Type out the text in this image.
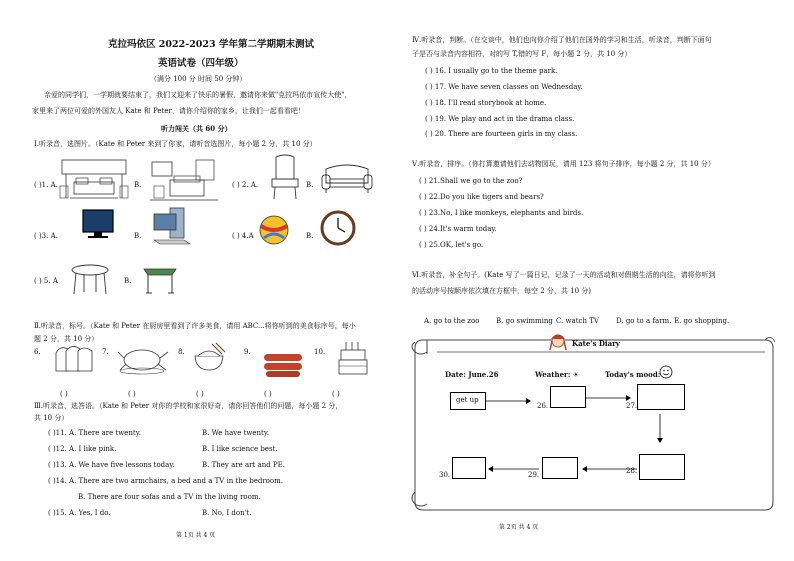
克拉玛依区 2022-2023 学年第二学期期末测试
英语试卷（四年级）
（满分 100 分 时间 50 分钟）
亲爱的同学们，一学期就要结束了，我们又迎来了快乐的暑假，邀请你来做"克拉玛依市宣传大使"，
家里来了两位可爱的外国友人 Kate 和 Peter，请你介绍你的家乡，让我们一起看看吧！
听力闯关（共 60 分）
Ⅰ.听录音，选图片。（Kate 和 Peter 来到了你家，请听音选图片，每小题 2 分，共 10 分）
( )1. A.	B.	( ) 2. A.	B.
( )3. A.	B.	( ) 4.A	B.
( ) 5. A	B.
Ⅱ.听录音，标号。（Kate 和 Peter 在厨房里看到了许多美食，请用 ABC...将你听到的美食标序号，每小
题 2 分，共 10 分）
6.	7.	8.	9.	10.
( )	( )	( )	( )	( )
Ⅲ.听录音，选答语。（Kate 和 Peter 对你的学校和家很好奇，请你回答他们的问题，每小题 2 分，
共 10 分）
( )11. A. There are twenty.	B. We have twenty.
( )12. A. I like pink.	B. I like science best.
( )13. A. We have five lessons today.	B. They are art and PE.
( )14. A. There are two armchairs, a bed and a TV in the bedroom.
B. There are four sofas and a TV in the living room.
( )15. A. Yes, I do.	B. No, I don't.
第 1页 共 4 页
Ⅳ.听录音，判断。（在交谈中，他们也向你介绍了他们在国外的学习和生活，听录音，判断下面句
子是否与录音内容相符，对的写 T,错的写 F，每小题 2 分，共 10 分）
( ) 16. I usually go to the theme park.
( ) 17. We have seven classes on Wednesday.
( ) 18. I'll read storybook at home.
( ) 19. We play and act in the drama class.
( ) 20. There are fourteen girls in my class.
Ⅴ.听录音，排序。（你打算邀请他们去动物园玩，请用 123 将句子排序，每小题 2 分，共 10 分）
( ) 21.Shall we go to the zoo?
( ) 22.Do you like tigers and bears?
( ) 23.No, I like monkeys, elephants and birds.
( ) 24.It's warm today.
( ) 25.OK, let's go.
Ⅵ.听录音，补全句子。(Kate 写了一篇日记，记录了一天的活动和对假期生活的向往，请将你听到
的活动序号按顺序依次填在方框中，每空 2 分，共 10 分)
A. go to the zoo B. go swimming C. watch TV D. go to a farm. E. go shopping.
Kate's Diary
Date: June.26	Weather: ☀	Today's mood:
get up
26.	27.
28.
29.
30.
第 2页 共 4 页
